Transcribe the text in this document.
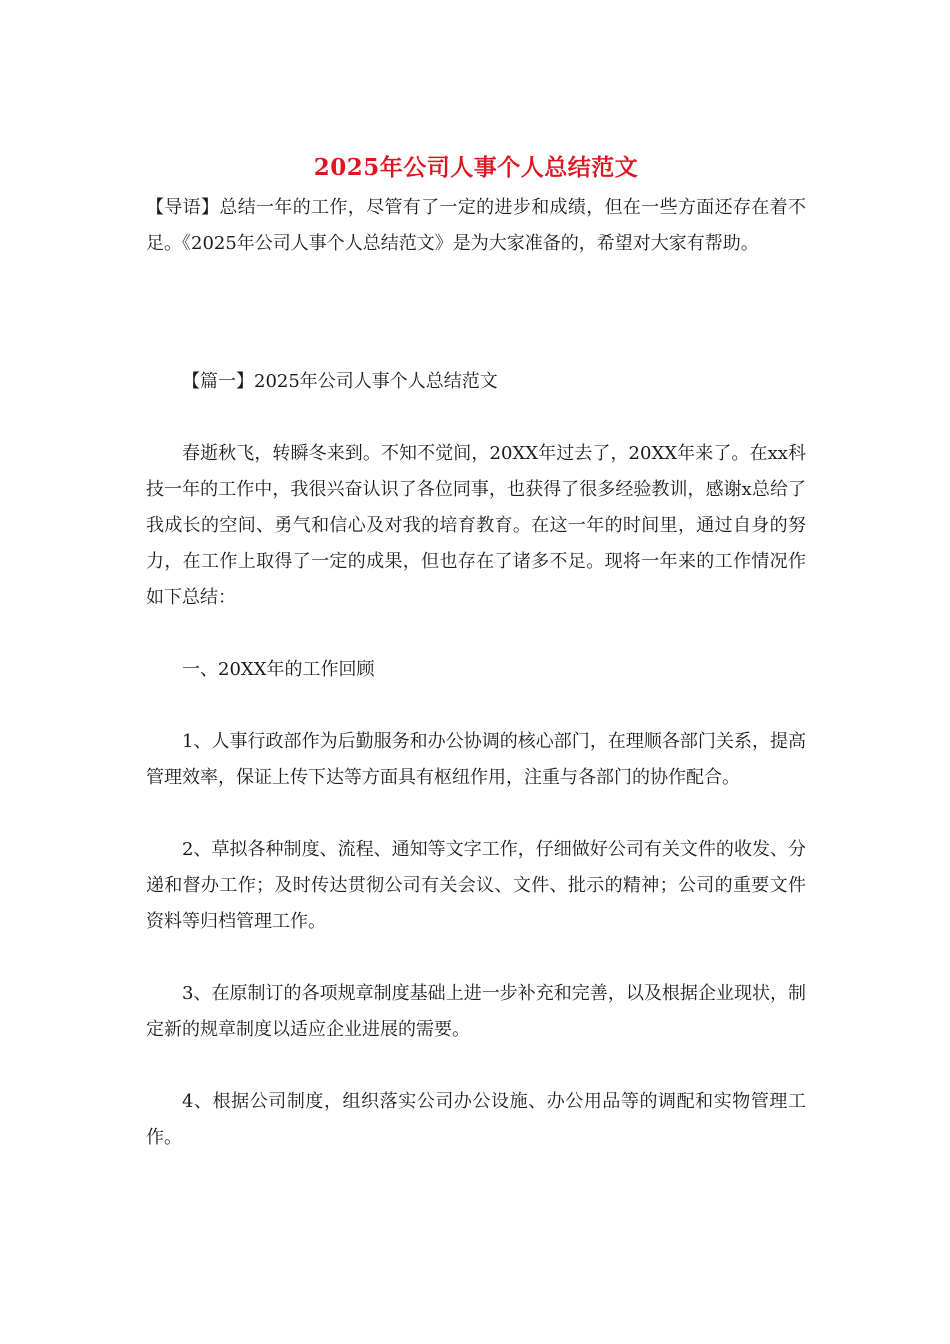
2025年公司人事个人总结范文

【导语】总结一年的工作，尽管有了一定的进步和成绩，但在一些方面还存在着不足。《2025年公司人事个人总结范文》是为大家准备的，希望对大家有帮助。

【篇一】2025年公司人事个人总结范文

春逝秋飞，转瞬冬来到。不知不觉间，20XX年过去了，20XX年来了。在xx科技一年的工作中，我很兴奋认识了各位同事，也获得了很多经验教训，感谢x总给了我成长的空间、勇气和信心及对我的培育教育。在这一年的时间里，通过自身的努力，在工作上取得了一定的成果，但也存在了诸多不足。现将一年来的工作情况作如下总结：

一、20XX年的工作回顾

1、人事行政部作为后勤服务和办公协调的核心部门，在理顺各部门关系，提高管理效率，保证上传下达等方面具有枢纽作用，注重与各部门的协作配合。

2、草拟各种制度、流程、通知等文字工作，仔细做好公司有关文件的收发、分递和督办工作；及时传达贯彻公司有关会议、文件、批示的精神；公司的重要文件资料等归档管理工作。

3、在原制订的各项规章制度基础上进一步补充和完善，以及根据企业现状，制定新的规章制度以适应企业进展的需要。

4、根据公司制度，组织落实公司办公设施、办公用品等的调配和实物管理工作。
